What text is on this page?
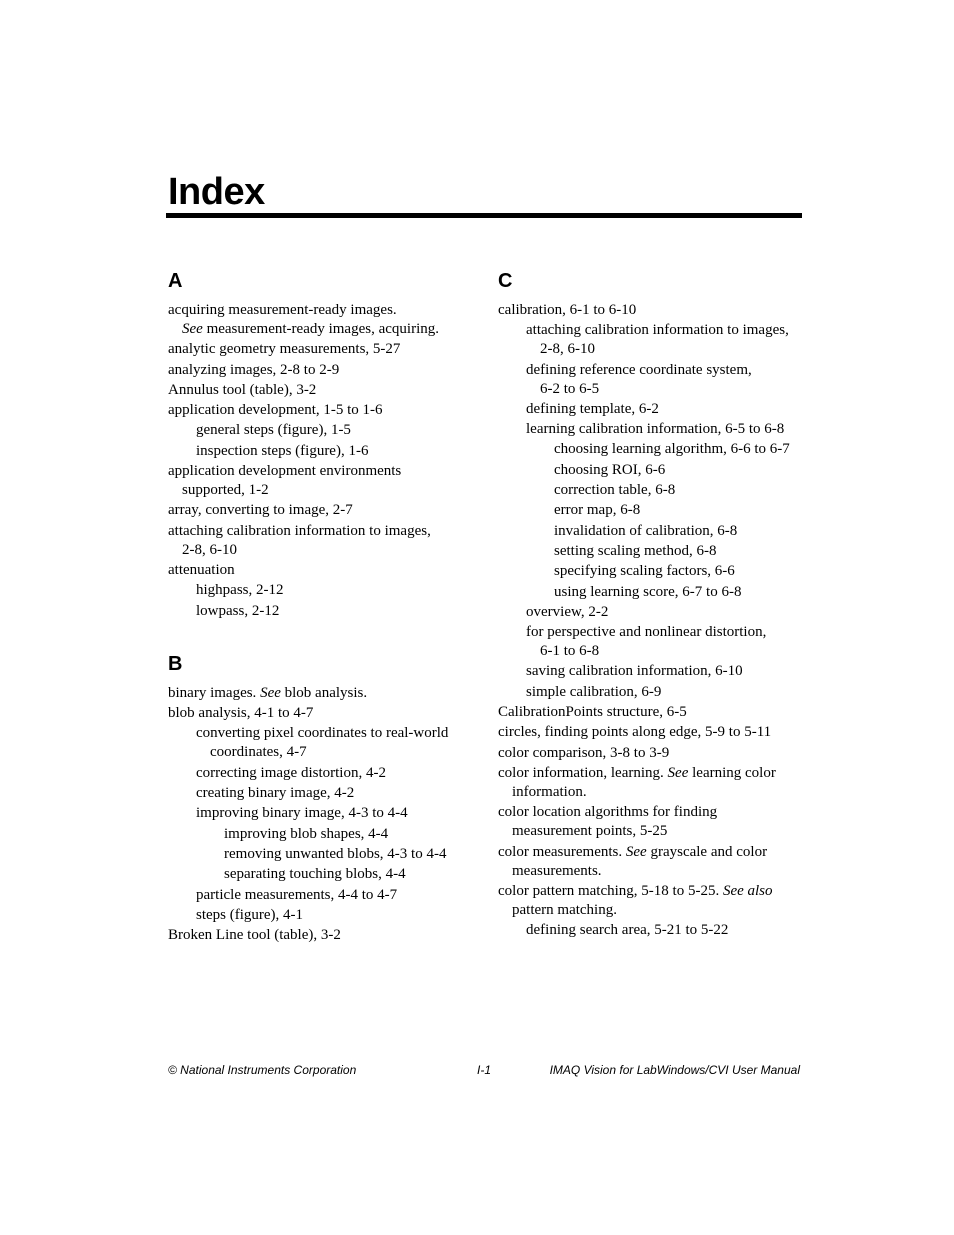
Index
A
acquiring measurement-ready images.
See measurement-ready images, acquiring.
analytic geometry measurements, 5-27
analyzing images, 2-8 to 2-9
Annulus tool (table), 3-2
application development, 1-5 to 1-6
general steps (figure), 1-5
inspection steps (figure), 1-6
application development environments
supported, 1-2
array, converting to image, 2-7
attaching calibration information to images,
2-8, 6-10
attenuation
highpass, 2-12
lowpass, 2-12
B
binary images. See blob analysis.
blob analysis, 4-1 to 4-7
converting pixel coordinates to real-world
coordinates, 4-7
correcting image distortion, 4-2
creating binary image, 4-2
improving binary image, 4-3 to 4-4
improving blob shapes, 4-4
removing unwanted blobs, 4-3 to 4-4
separating touching blobs, 4-4
particle measurements, 4-4 to 4-7
steps (figure), 4-1
Broken Line tool (table), 3-2
C
calibration, 6-1 to 6-10
attaching calibration information to images,
2-8, 6-10
defining reference coordinate system,
6-2 to 6-5
defining template, 6-2
learning calibration information, 6-5 to 6-8
choosing learning algorithm, 6-6 to 6-7
choosing ROI, 6-6
correction table, 6-8
error map, 6-8
invalidation of calibration, 6-8
setting scaling method, 6-8
specifying scaling factors, 6-6
using learning score, 6-7 to 6-8
overview, 2-2
for perspective and nonlinear distortion,
6-1 to 6-8
saving calibration information, 6-10
simple calibration, 6-9
CalibrationPoints structure, 6-5
circles, finding points along edge, 5-9 to 5-11
color comparison, 3-8 to 3-9
color information, learning. See learning color
information.
color location algorithms for finding
measurement points, 5-25
color measurements. See grayscale and color
measurements.
color pattern matching, 5-18 to 5-25. See also
pattern matching.
defining search area, 5-21 to 5-22
© National Instruments Corporation	I-1	IMAQ Vision for LabWindows/CVI User Manual
